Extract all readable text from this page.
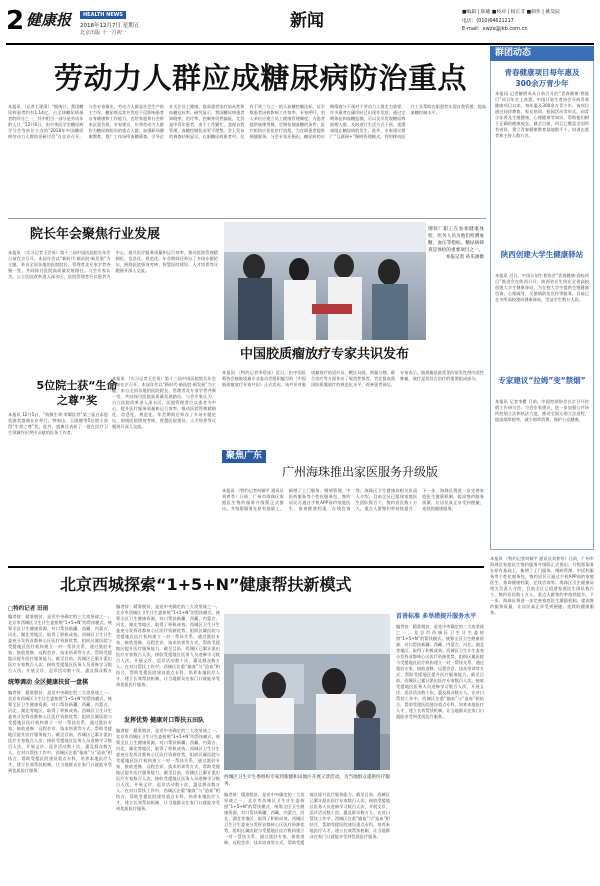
2 健康报	HEALTH NEWS
2018年12月7日 星期五
北京出版 十一月初一
新闻	■编辑 | 陈婕 ■校对 | 杨正非 ■制作 | 姚昊辰
电话：(010)64621217
E-mail：xwzx@jkb.com.cn
劳动力人群应成糖尿病防治重点
本报讯 （记者王建清）“据统计，我国糖尿病患者约有1.14亿，占全球糖尿病患者的四分之一，其中相当一部分是劳动年龄人口。”12月6日，由中华医学会糖尿病学分会等单位主办的“2018年中国糖尿病劳动力人群防治研讨会”在北京召开。与会专家指出，劳动力人群是社会生产的主力军，糖尿病及其并发症不仅影响患者自身健康和工作能力，也给家庭和社会带来沉重负担。专家建议，应将劳动力人群作为糖尿病防治的重点人群，加强职场健康教育，推广工作场所血糖筛查，引导企业关注员工健康，提高患者治疗依从性和血糖达标率。研究显示，我国糖尿病患者知晓率、治疗率、控制率仍然偏低，尤其是中青年患者，由于工作繁忙、忽视自我管理，血糖控制状况更不理想。会上发布的调查结果显示，在职糖尿病患者中，仅有不到三分之一的人血糖控制达标，近半数患者因病影响工作效率。专家呼吁，用人单位应建立员工健康管理制度，为患者提供规律用餐、定期检测血糖的条件；医疗机构应优化诊疗流程，为在职患者提供便捷服务。与会专家还指出，糖尿病的早期筛查与干预对于劳动力人群尤为重要，许多患者在确诊时已出现并发症。通过定期体检和血糖监测，可以及早发现糖尿病前期人群，及时进行生活方式干预，延缓或阻止糖尿病的发生。此外，专家建议推广“互联网+”慢病管理模式，利用移动医疗工具帮助在职患者实现自我管理，提高血糖控制水平。
群团动态
青春健康项目每年惠及300余万青少年
本报讯 记者解照英从日前召开的“青春健康·我能行”项目年会上获悉，中国计划生育协会开展青春健康项目以来，每年惠及300余万青少年。该项目通过同伴教育、家长培训、校园活动等形式，向青少年普及生殖健康、心理健康等知识，帮助他们树立正确的健康观念。截至目前，项目已覆盖全国所有省份，建立青春健康教育基地数千个，培训志愿者和主持人数万名。
陕西创建大学生健康驿站
本报讯 近日，中国计划生育协会“青春健康·高校项目”推进会在陕西召开。陕西省计生协在全省高校创建大学生健康驿站，为在校大学生提供生殖健康咨询、心理疏导、艾滋病防治宣传等服务。目前已在多所高校建成健康驿站，受益学生数万人次。
专家建议“拉姆”变“禁烟”
本报讯 记者李瞿 日前，中国控烟协会在京召开控烟工作研讨会。与会专家建议，进一步加强公共场所控烟立法和执法力度，推动全面无烟立法进程，提高烟草税率，减少烟草消费，保护公众健康。
院长年会聚焦行业发展
本报讯 （实习记者王会英）第十三届中国医院院长年会日前在京召开。本届年会以“新时代·新医院·新发展”为主题，来自全国各地的医院院长、管理者及专家学者齐聚一堂，共同探讨医院高质量发展路径。与会专家认为，公立医院改革进入深水区，医院管理者应以患者为中心，提升医疗服务质量和运行效率，推动医院管理精细化、信息化、规范化。年会期间还举办了多场专题论坛，围绕医院绩效考核、智慧医院建设、人才培养等议题展开深入交流。
钢铁厂职工在参加健康体检，医务人员为他们检测血糖、血压等指标。糖尿病筛查是体检的重要项目之一。
本报记者 孙乐涵摄
5位院士获“生命之尊”奖
本报讯 12月5日，“致敬生命·荣耀医者”第三届白求恩奖颁奖盛典在京举行。钟南山、王陇德等5位院士获得“生命之尊”奖。此外，盛典还表彰了一批在医疗卫生领域作出突出贡献的医务工作者。
本报讯 （实习记者王会英）第十三届中国医院院长年会日前在京召开。本届年会以“新时代·新医院·新发展”为主题，来自全国各地的医院院长、管理者及专家学者齐聚一堂，共同探讨医院高质量发展路径。与会专家认为，公立医院改革进入深水区，医院管理者应以患者为中心，提升医疗服务质量和运行效率，推动医院管理精细化、信息化、规范化。年会期间还举办了多场专题论坛，围绕医院绩效考核、智慧医院建设、人才培养等议题展开深入交流。
中国胶质瘤放疗专家共识发布
本报讯 （特约记者李蓓冰）近日，由中国医师协会脑胶质瘤专业委员会组织编写的《中国胶质瘤放疗专家共识》正式发布。该共识对胶质瘤放疗的适应证、靶区勾画、剂量分割、联合治疗等方面作出了规范性推荐，旨在提高我国胶质瘤放疗的规范化水平，改善患者预后。专家表示，胶质瘤是最常见的原发性颅内恶性肿瘤，放疗是其综合治疗的重要组成部分。
聚焦广东
广州海珠推出家医服务升级版
本报讯 （特约记者何颖平 通讯员刘育苓）日前，广州市海珠区家庭医生签约服务升级版正式推出。升级版服务在原有基础上，新增了上门服务、慢病管理、中医药服务等个性化服务包，签约居民可通过手机APP预约家庭医生、查询健康档案、在线咨询等。海珠区卫生健康局相关负责人介绍，目前全区已组建家庭医生团队数百个，签约居民数十万人，重点人群签约率持续提升。下一步，海珠区将进一步完善家庭医生激励机制，提高签约服务质量，让居民真正享受到便捷、连续的健康服务。
北京西城探索“1+5+N”健康帮扶新模式
□特约记者 田雨
编者按：精准脱贫，是党中央确定的三大攻坚战之一。北京市西城区卫生计生委按照“1+5+N”的帮扶模式，统筹全区卫生健康资源，对口帮扶新疆、西藏、内蒙古、河北、湖北等地区，取得了积极成效。西城区卫生计生委充分发挥首都核心区医疗资源优势，组织区属医院与受援地区医疗机构建立一对一帮扶关系，通过派驻专家、接收进修、远程会诊、技术培训等方式，帮助受援地区提升医疗服务能力。截至目前，西城区已累计派出医疗专家数百人次，接收受援地区医务人员进修学习数百人次，开展义诊、巡诊活动数十次，惠及群众数万
统筹调动 全区健康扶贫一盘棋
编者按：精准脱贫，是党中央确定的三大攻坚战之一。北京市西城区卫生计生委按照“1+5+N”的帮扶模式，统筹全区卫生健康资源，对口帮扶新疆、西藏、内蒙古、河北、湖北等地区，取得了积极成效。西城区卫生计生委充分发挥首都核心区医疗资源优势，组织区属医院与受援地区医疗机构建立一对一帮扶关系，通过派驻专家、接收进修、远程会诊、技术培训等方式，帮助受援地区提升医疗服务能力。截至目前，西城区已累计派出医疗专家数百人次，接收受援地区医务人员进修学习数百人次，开展义诊、巡诊活动数十次，惠及群众数万人。在对口帮扶工作中，西城区注重“输血”与“造血”相结合，帮助受援医院建设重点专科，培养本地医疗人才，建立长效帮扶机制，让当地群众在家门口就能享受到优质医疗服务。
编者按：精准脱贫，是党中央确定的三大攻坚战之一。北京市西城区卫生计生委按照“1+5+N”的帮扶模式，统筹全区卫生健康资源，对口帮扶新疆、西藏、内蒙古、河北、湖北等地区，取得了积极成效。西城区卫生计生委充分发挥首都核心区医疗资源优势，组织区属医院与受援地区医疗机构建立一对一帮扶关系，通过派驻专家、接收进修、远程会诊、技术培训等方式，帮助受援地区提升医疗服务能力。截至目前，西城区已累计派出医疗专家数百人次，接收受援地区医务人员进修学习数百人次，开展义诊、巡诊活动数十次，惠及群众数万人。在对口帮扶工作中，西城区注重“输血”与“造血”相结合，帮助受援医院建设重点专科，培养本地医疗人才，建立长效帮扶机制，让当地群众在家门口就能享受到优质医疗服务。
发挥优势 健康对口帮扶五田队
编者按：精准脱贫，是党中央确定的三大攻坚战之一。北京市西城区卫生计生委按照“1+5+N”的帮扶模式，统筹全区卫生健康资源，对口帮扶新疆、西藏、内蒙古、河北、湖北等地区，取得了积极成效。西城区卫生计生委充分发挥首都核心区医疗资源优势，组织区属医院与受援地区医疗机构建立一对一帮扶关系，通过派驻专家、接收进修、远程会诊、技术培训等方式，帮助受援地区提升医疗服务能力。截至目前，西城区已累计派出医疗专家数百人次，接收受援地区医务人员进修学习数百人次，开展义诊、巡诊活动数十次，惠及群众数万人。在对口帮扶工作中，西城区注重“输血”与“造血”相结合，帮助受援医院建设重点专科，培养本地医疗人才，建立长效帮扶机制，让当地群众在家门口就能享受到优质医疗服务。
西城区卫生计生委组织专家到新疆和田地区开展义诊活动，为当地群众提供医疗服务。
首善标准 多举措提升服务水平
编者按：精准脱贫，是党中央确定的三大攻坚战之一。北京市西城区卫生计生委按照“1+5+N”的帮扶模式，统筹全区卫生健康资源，对口帮扶新疆、西藏、内蒙古、河北、湖北等地区，取得了积极成效。西城区卫生计生委充分发挥首都核心区医疗资源优势，组织区属医院与受援地区医疗机构建立一对一帮扶关系，通过派驻专家、接收进修、远程会诊、技术培训等方式，帮助受援地区提升医疗服务能力。截至目前，西城区已累计派出医疗专家数百人次，接收受援地区医务人员进修学习数百人次，开展义诊、巡诊活动数十次，惠及群众数万人。在对口帮扶工作中，西城区注重“输血”与“造血”相结合，帮助受援医院建设重点专科，培养本地医疗人才，建立长效帮扶机制，让当地群众在家门口就能享受到优质医疗服务。
编者按：精准脱贫，是党中央确定的三大攻坚战之一。北京市西城区卫生计生委按照“1+5+N”的帮扶模式，统筹全区卫生健康资源，对口帮扶新疆、西藏、内蒙古、河北、湖北等地区，取得了积极成效。西城区卫生计生委充分发挥首都核心区医疗资源优势，组织区属医院与受援地区医疗机构建立一对一帮扶关系，通过派驻专家、接收进修、远程会诊、技术培训等方式，帮助受援地区提升医疗服务能力。截至目前，西城区已累计派出医疗专家数百人次，接收受援地区医务人员进修学习数百人次，开展义诊、巡诊活动数十次，惠及群众数万人。在对口帮扶工作中，西城区注重“输血”与“造血”相结合，帮助受援医院建设重点专科，培养本地医疗人才，建立长效帮扶机制，让当地群众在家门口就能享受到优质医疗服务。
本报讯 （特约记者何颖平 通讯员刘育苓）日前，广州市海珠区家庭医生签约服务升级版正式推出。升级版服务在原有基础上，新增了上门服务、慢病管理、中医药服务等个性化服务包，签约居民可通过手机APP预约家庭医生、查询健康档案、在线咨询等。海珠区卫生健康局相关负责人介绍，目前全区已组建家庭医生团队数百个，签约居民数十万人，重点人群签约率持续提升。下一步，海珠区将进一步完善家庭医生激励机制，提高签约服务质量，让居民真正享受到便捷、连续的健康服务。
